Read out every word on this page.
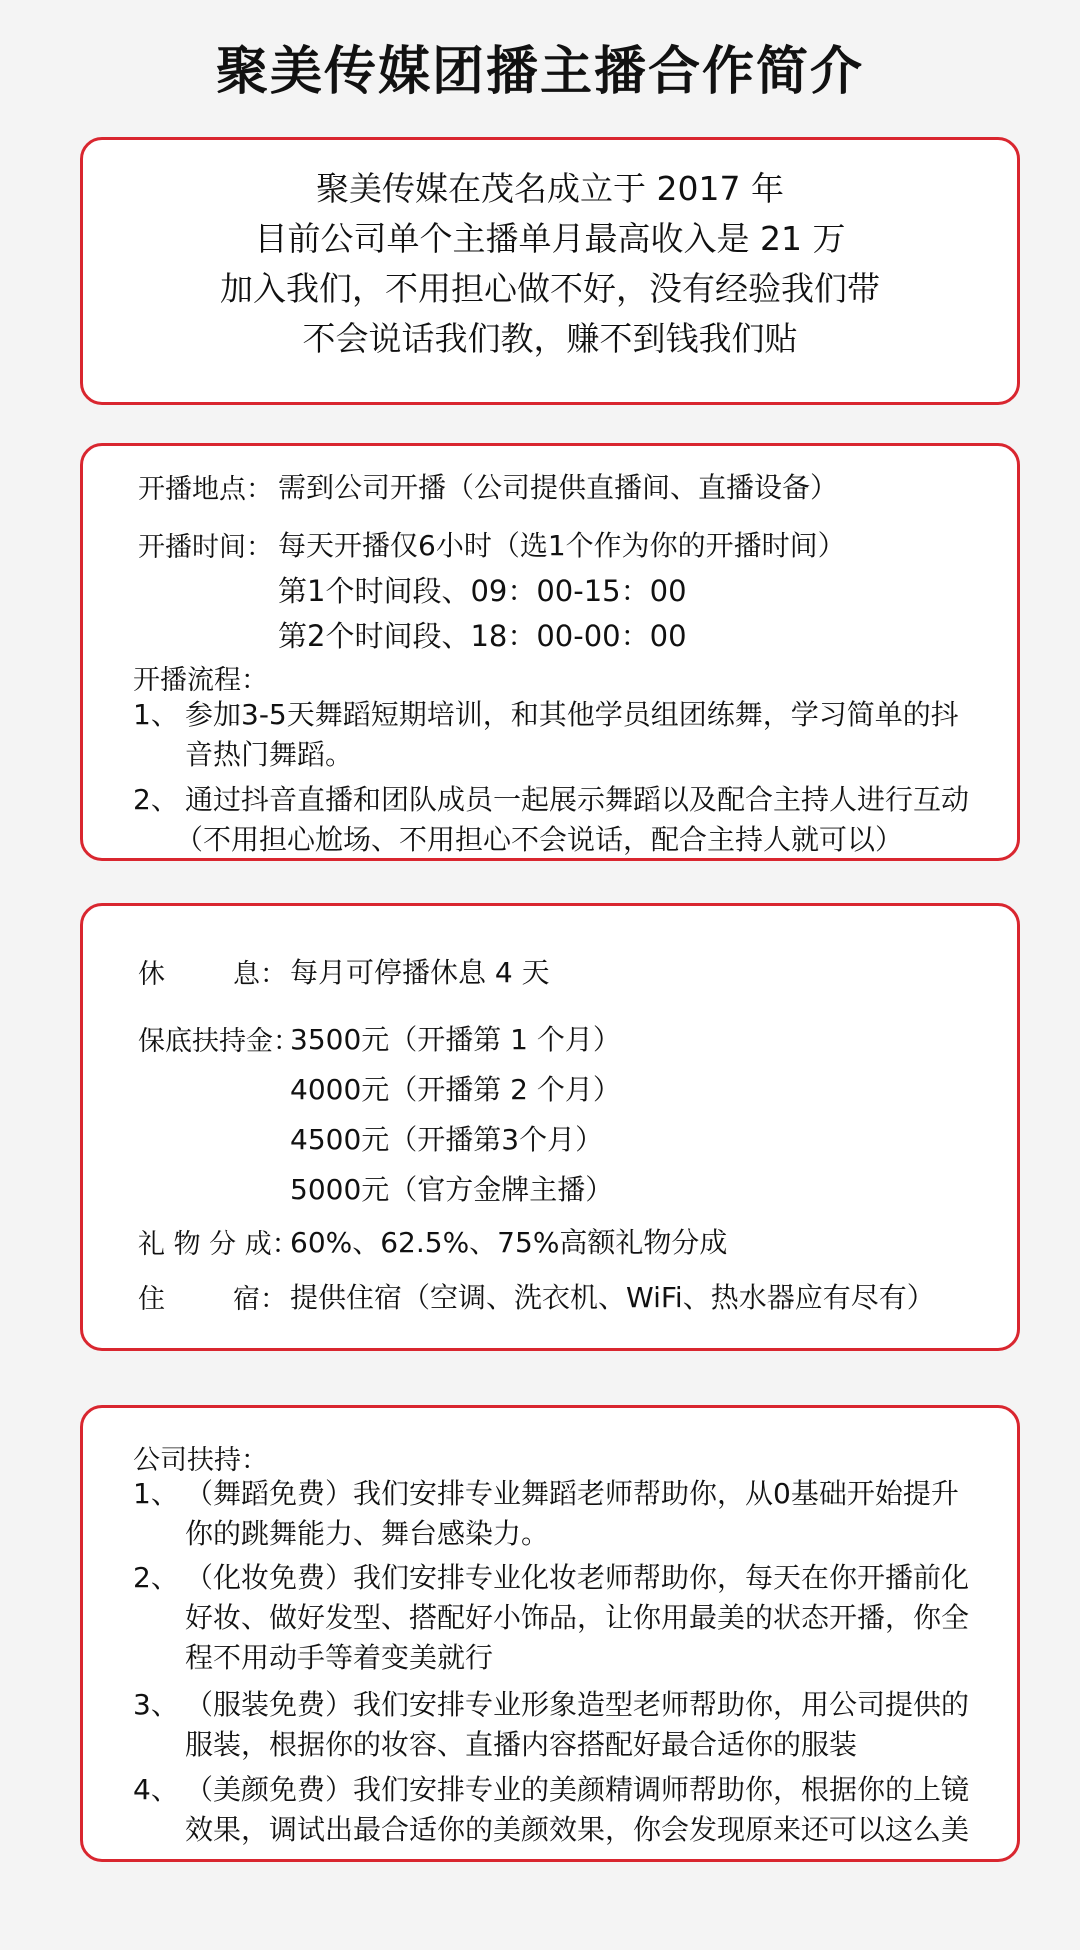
聚美传媒团播主播合作简介
聚美传媒在茂名成立于 2017 年
目前公司单个主播单月最高收入是 21 万
加入我们，不用担心做不好，没有经验我们带
不会说话我们教，赚不到钱我们贴
开播地点： 需到公司开播（公司提供直播间、直播设备）
开播时间： 每天开播仅6小时（选1个作为你的开播时间）
第1个时间段、09：00-15：00
第2个时间段、18：00-00：00
开播流程：
1、 参加3-5天舞蹈短期培训，和其他学员组团练舞，学习简单的抖
音热门舞蹈。
2、 通过抖音直播和团队成员一起展示舞蹈以及配合主持人进行互动
（不用担心尬场、不用担心不会说话，配合主持人就可以）
休	息： 每月可停播休息 4 天
保底扶持金：
3500元（开播第 1 个月）
4000元（开播第 2 个月）
4500元（开播第3个月）
5000元（官方金牌主播）
礼 物 分 成：
60%、62.5%、75%高额礼物分成
住	宿： 提供住宿（空调、洗衣机、WiFi、热水器应有尽有）
公司扶持：
1、 （舞蹈免费）我们安排专业舞蹈老师帮助你，从0基础开始提升
你的跳舞能力、舞台感染力。
2、 （化妆免费）我们安排专业化妆老师帮助你，每天在你开播前化
好妆、做好发型、搭配好小饰品，让你用最美的状态开播，你全
程不用动手等着变美就行
3、 （服装免费）我们安排专业形象造型老师帮助你，用公司提供的
服装，根据你的妆容、直播内容搭配好最合适你的服装
4、 （美颜免费）我们安排专业的美颜精调师帮助你，根据你的上镜
效果，调试出最合适你的美颜效果，你会发现原来还可以这么美
